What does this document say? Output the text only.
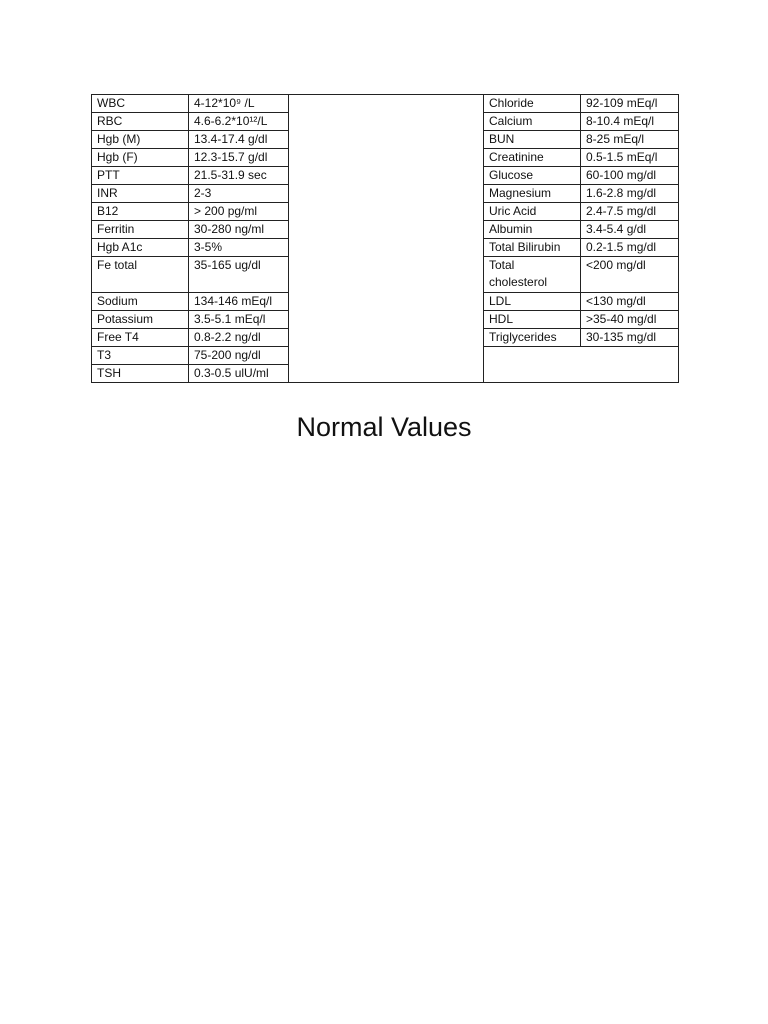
WBC	4-12*10⁹ /L		Chloride	92-109 mEq/l
RBC	4.6-6.2*10¹²/L		Calcium	8-10.4 mEq/l
Hgb (M)	13.4-17.4 g/dl		BUN	8-25 mEq/l
Hgb (F)	12.3-15.7 g/dl		Creatinine	0.5-1.5 mEq/l
PTT	21.5-31.9 sec		Glucose	60-100 mg/dl
INR	2-3		Magnesium	1.6-2.8 mg/dl
B12	> 200 pg/ml		Uric Acid	2.4-7.5 mg/dl
Ferritin	30-280 ng/ml		Albumin	3.4-5.4 g/dl
Hgb A1c	3-5%		Total Bilirubin	0.2-1.5 mg/dl
Fe total	35-165 ug/dl		Total cholesterol	<200 mg/dl
Sodium	134-146 mEq/l		LDL	<130 mg/dl
Potassium	3.5-5.1 mEq/l		HDL	>35-40 mg/dl
Free T4	0.8-2.2 ng/dl		Triglycerides	30-135 mg/dl
T3	75-200 ng/dl			
TSH	0.3-0.5 ulU/ml			
Normal Values
